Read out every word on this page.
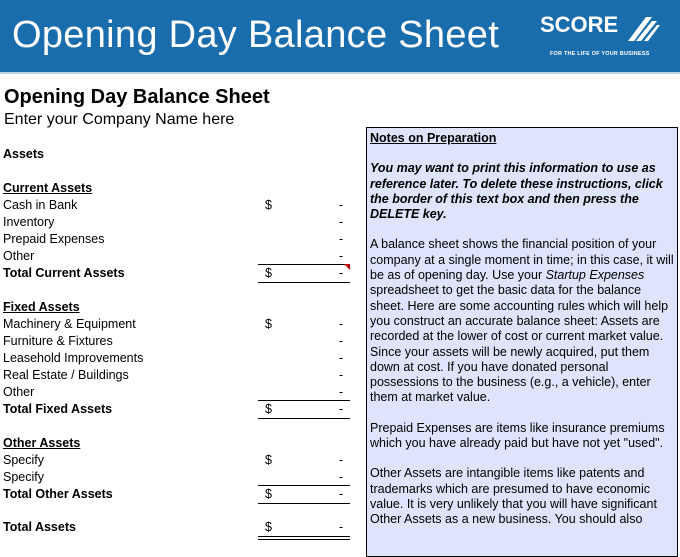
Opening Day Balance Sheet SCORE
FOR THE LIFE OF YOUR BUSINESS
Opening Day Balance Sheet
Enter your Company Name here
Assets
Current Assets
Cash in Bank	$	-
Inventory	-
Prepaid Expenses	-
Other	-
Total Current Assets	$	-
Fixed Assets
Machinery & Equipment	$	-
Furniture & Fixtures	-
Leasehold Improvements	-
Real Estate / Buildings	-
Other	-
Total Fixed Assets	$	-
Other Assets
Specify	$	-
Specify	-
Total Other Assets	$	-
Total Assets	$	-

Notes on Preparation

You may want to print this information to use as reference later. To delete these instructions, click the border of this text box and then press the DELETE key.

A balance sheet shows the financial position of your company at a single moment in time; in this case, it will be as of opening day. Use your Startup Expenses spreadsheet to get the basic data for the balance sheet. Here are some accounting rules which will help you construct an accurate balance sheet: Assets are recorded at the lower of cost or current market value. Since your assets will be newly acquired, put them down at cost. If you have donated personal possessions to the business (e.g., a vehicle), enter them at market value.

Prepaid Expenses are items like insurance premiums which you have already paid but have not yet "used".

Other Assets are intangible items like patents and trademarks which are presumed to have economic value. It is very unlikely that you will have significant Other Assets as a new business. You should also
